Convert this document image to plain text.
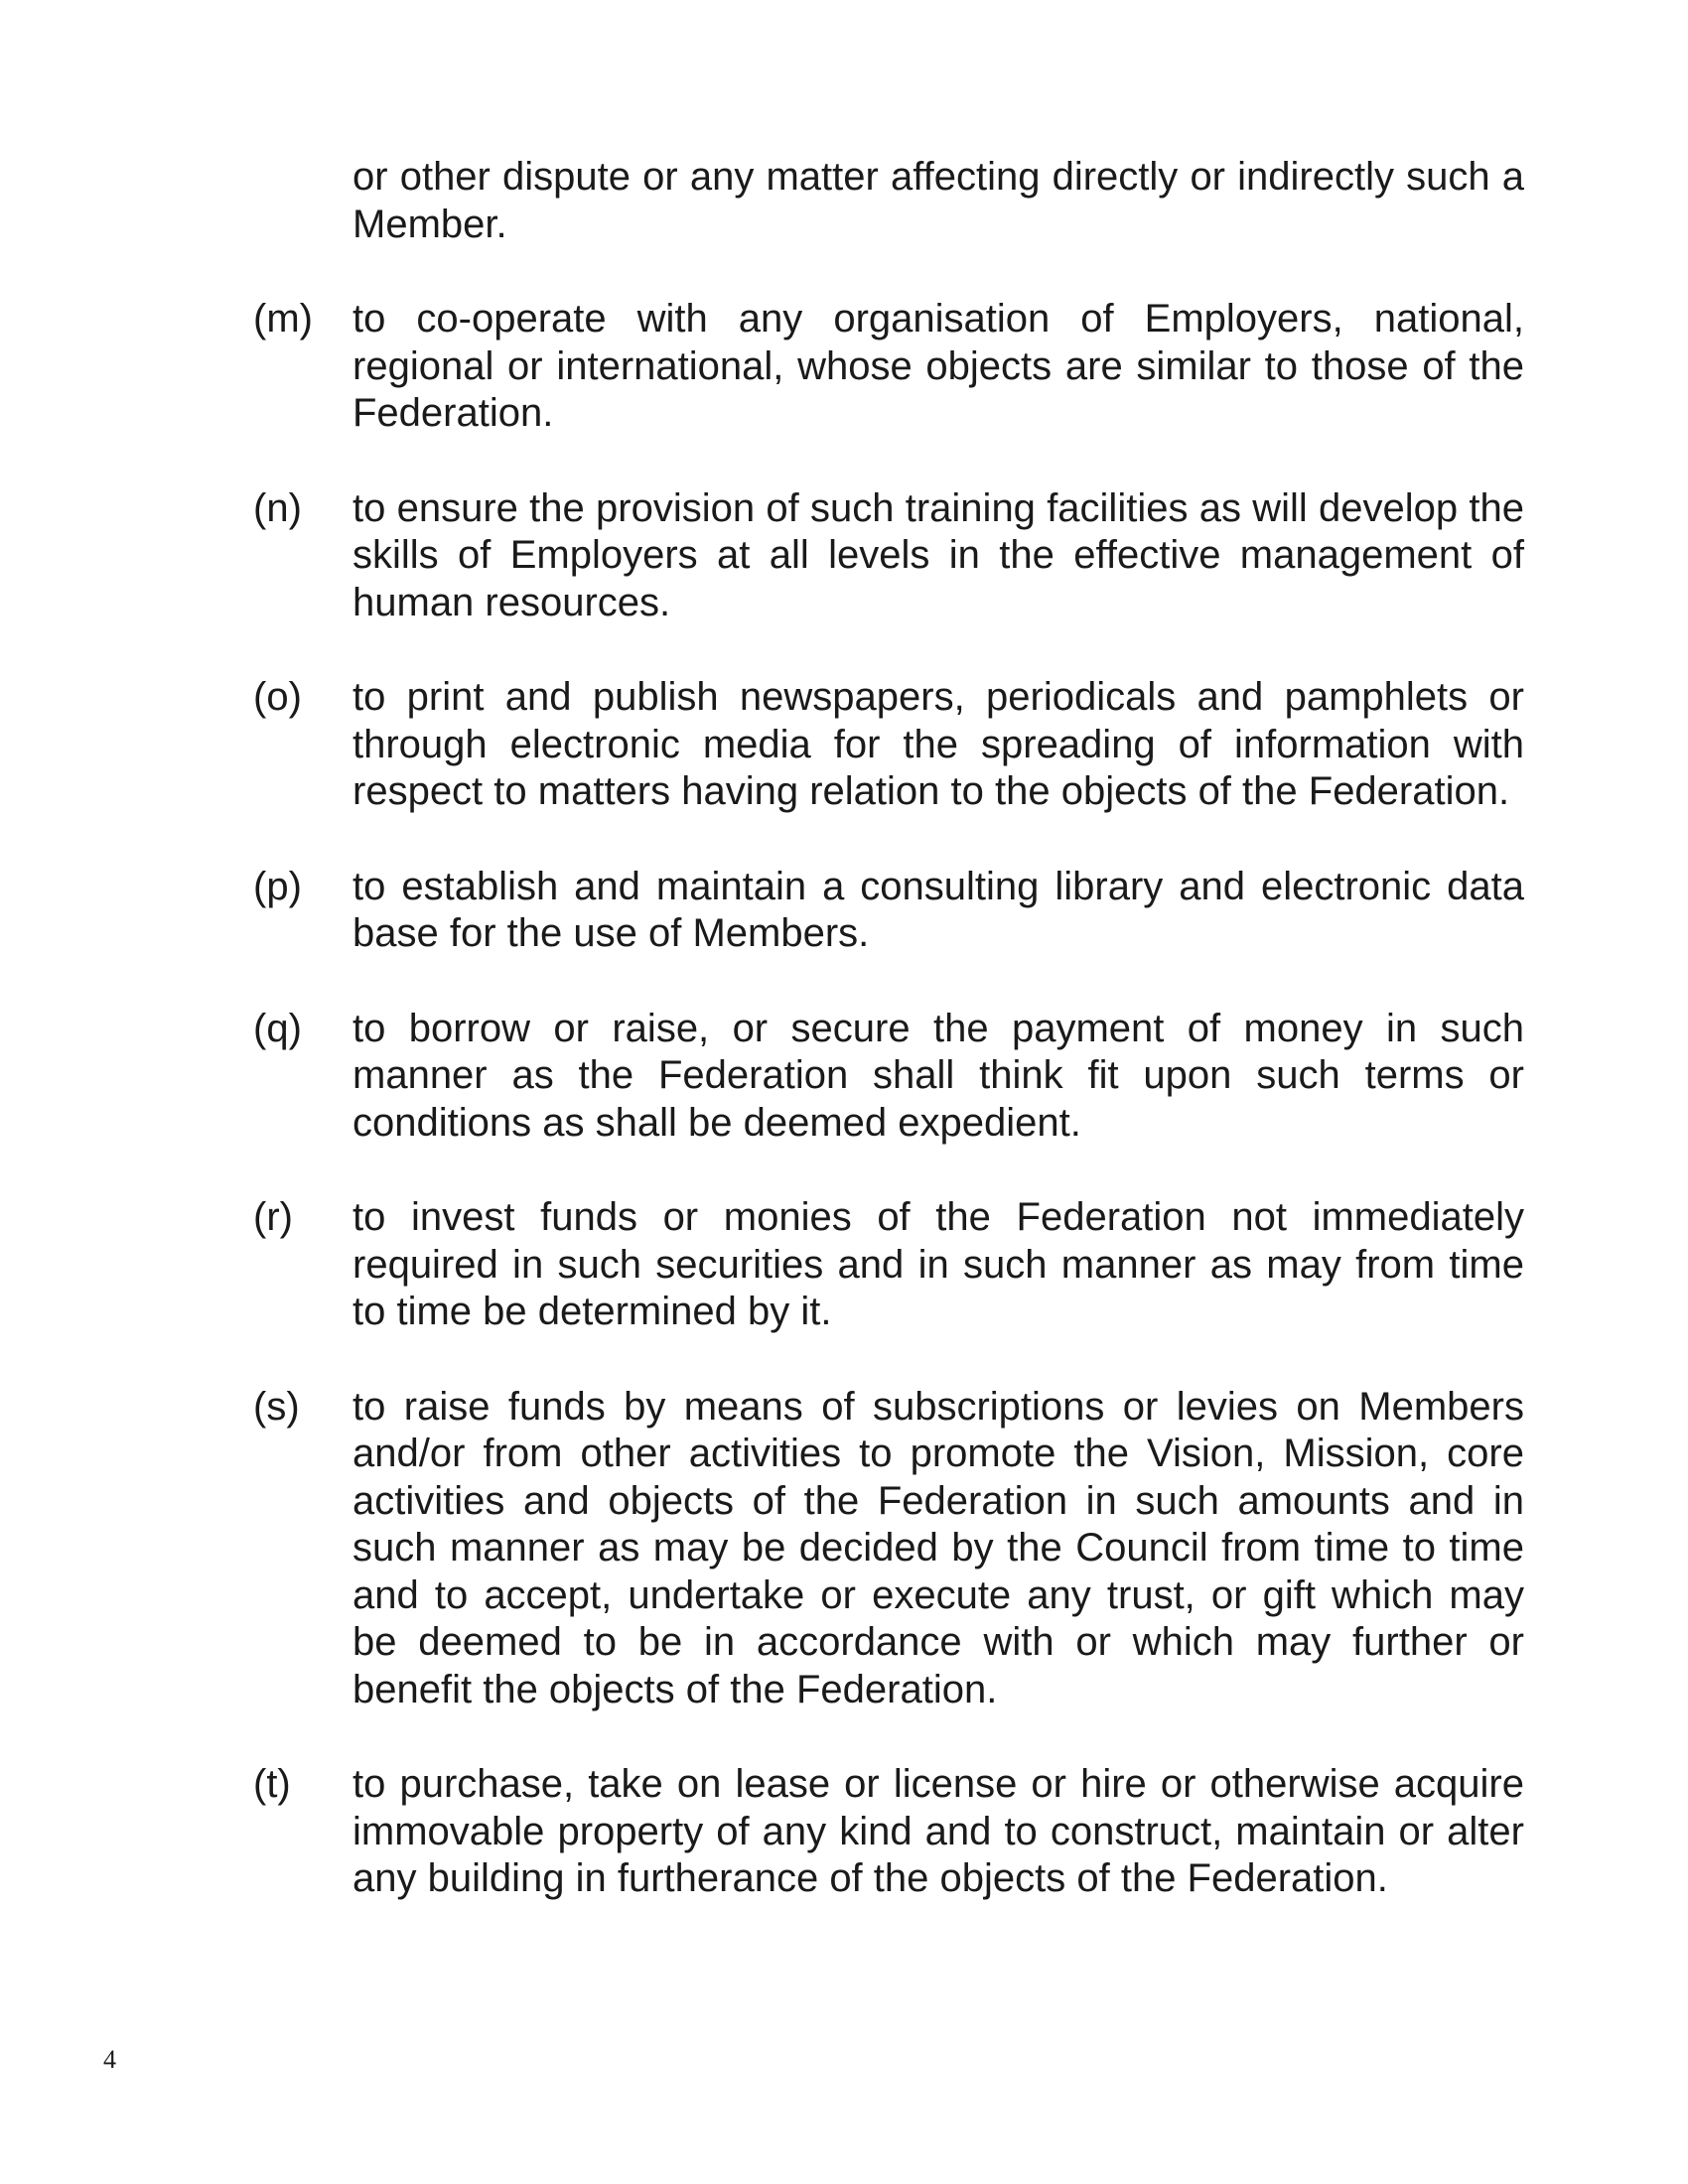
or other dispute or any matter affecting directly or indirectly such a Member.
(m)	to co-operate with any organisation of Employers, national, regional or international, whose objects are similar to those of the Federation.
(n)	to ensure the provision of such training facilities as will develop the skills of Employers at all levels in the effective management of human resources.
(o)	to print and publish newspapers, periodicals and pamphlets or through electronic media for the spreading of information with respect to matters having relation to the objects of the Federation.
(p)	to establish and maintain a consulting library and electronic data base for the use of Members.
(q)	to borrow or raise, or secure the payment of money in such manner as the Federation shall think fit upon such terms or conditions as shall be deemed expedient.
(r)	to invest funds or monies of the Federation not immediately required in such securities and in such manner as may from time to time be determined by it.
(s)	to raise funds by means of subscriptions or levies on Members and/or from other activities to promote the Vision, Mission, core activities and objects of the Federation in such amounts and in such manner as may be decided by the Council from time to time and to accept, undertake or execute any trust, or gift which may be deemed to be in accordance with or which may further or benefit the objects of the Federation.
(t)	to purchase, take on lease or license or hire or otherwise acquire immovable property of any kind and to construct, maintain or alter any building in furtherance of the objects of the Federation.
4
